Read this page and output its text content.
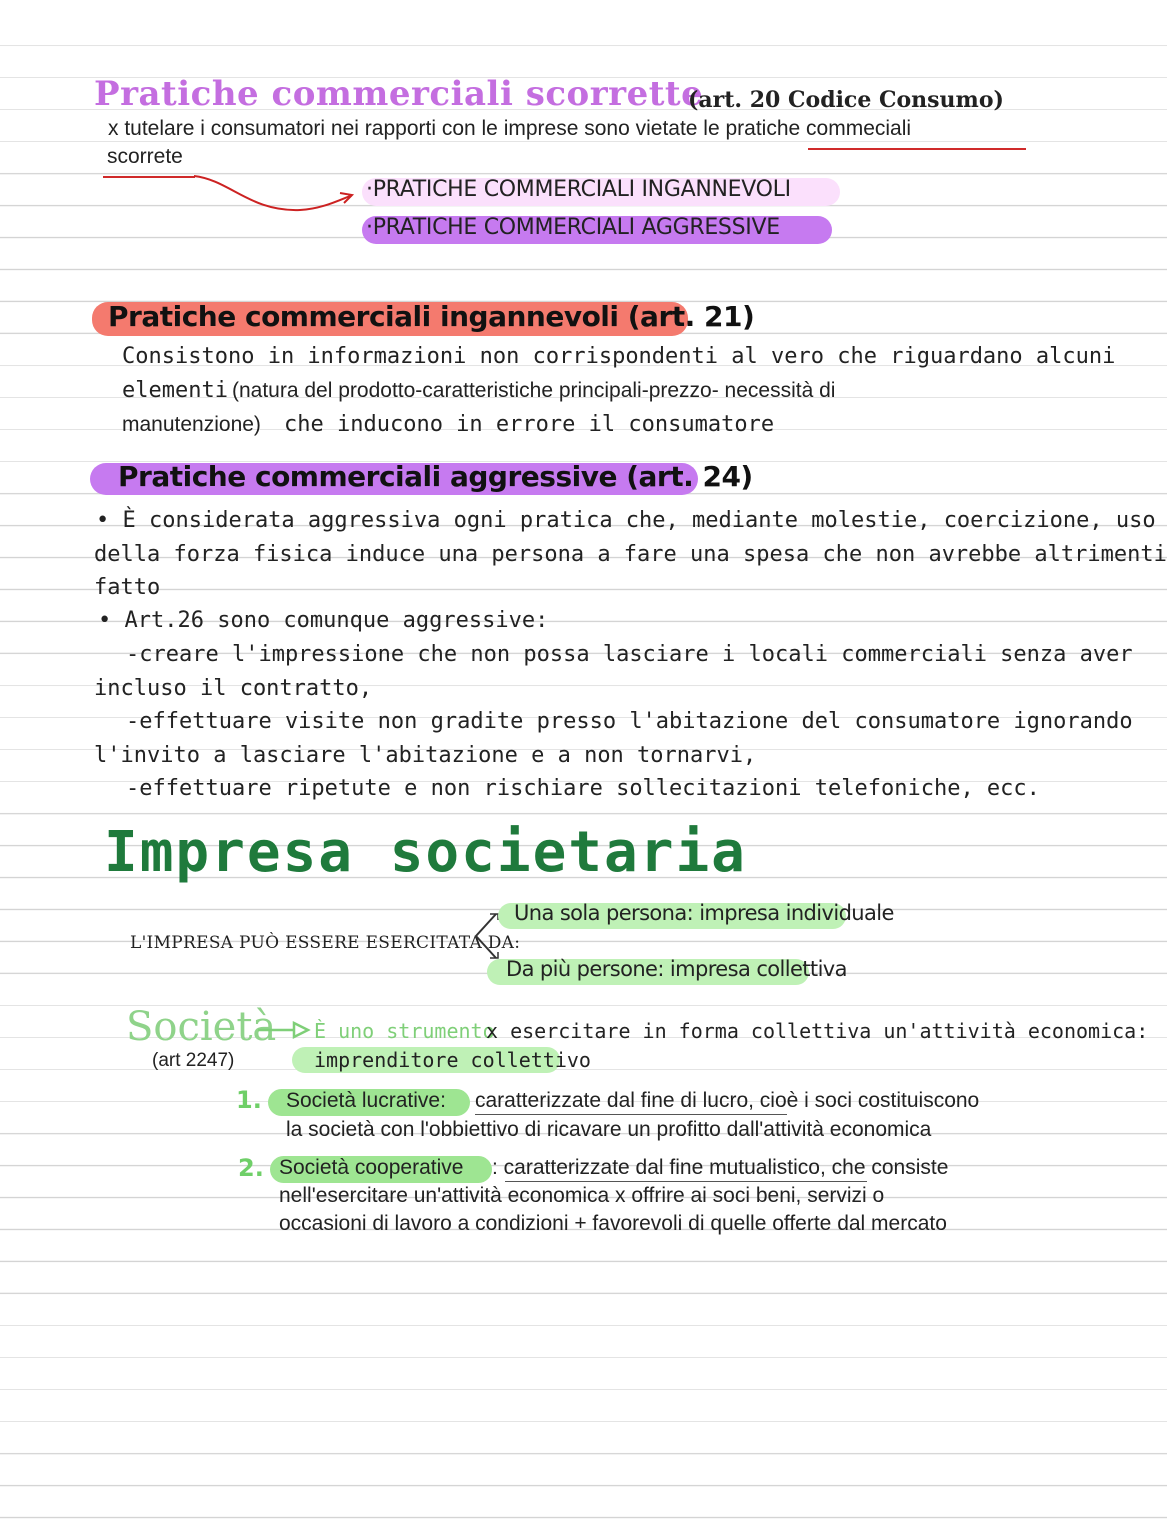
Pratiche commerciali scorrette
(art. 20 Codice Consumo)
x tutelare i consumatori nei rapporti con le imprese sono vietate le pratiche commeciali
scorrete
·PRATICHE COMMERCIALI INGANNEVOLI
·PRATICHE COMMERCIALI AGGRESSIVE
Pratiche commerciali ingannevoli (art. 21)
Consistono in informazioni non corrispondenti al vero che riguardano alcuni
elementi (natura del prodotto-caratteristiche principali-prezzo- necessità di
manutenzione) che inducono in errore il consumatore
Pratiche commerciali aggressive (art. 24)
• È considerata aggressiva ogni pratica che, mediante molestie, coercizione, uso
della forza fisica induce una persona a fare una spesa che non avrebbe altrimenti
fatto
• Art.26 sono comunque aggressive:
-creare l'impressione che non possa lasciare i locali commerciali senza aver
incluso il contratto,
-effettuare visite non gradite presso l'abitazione del consumatore ignorando
l'invito a lasciare l'abitazione e a non tornarvi,
-effettuare ripetute e non rischiare sollecitazioni telefoniche, ecc.
Impresa societaria
L'IMPRESA PUÒ ESSERE ESERCITATA DA:
Una sola persona: impresa individuale
Da più persone: impresa collettiva
Società È uno strumento
x esercitare in forma collettiva un'attività economica:
(art 2247)	imprenditore collettivo
1. Società lucrative: caratterizzate dal fine di lucro, cioè i soci costituiscono
la società con l'obbiettivo di ricavare un profitto dall'attività economica
2. Società cooperative : caratterizzate dal fine mutualistico, che consiste
nell'esercitare un'attività economica x offrire ai soci beni, servizi o
occasioni di lavoro a condizioni + favorevoli di quelle offerte dal mercato
